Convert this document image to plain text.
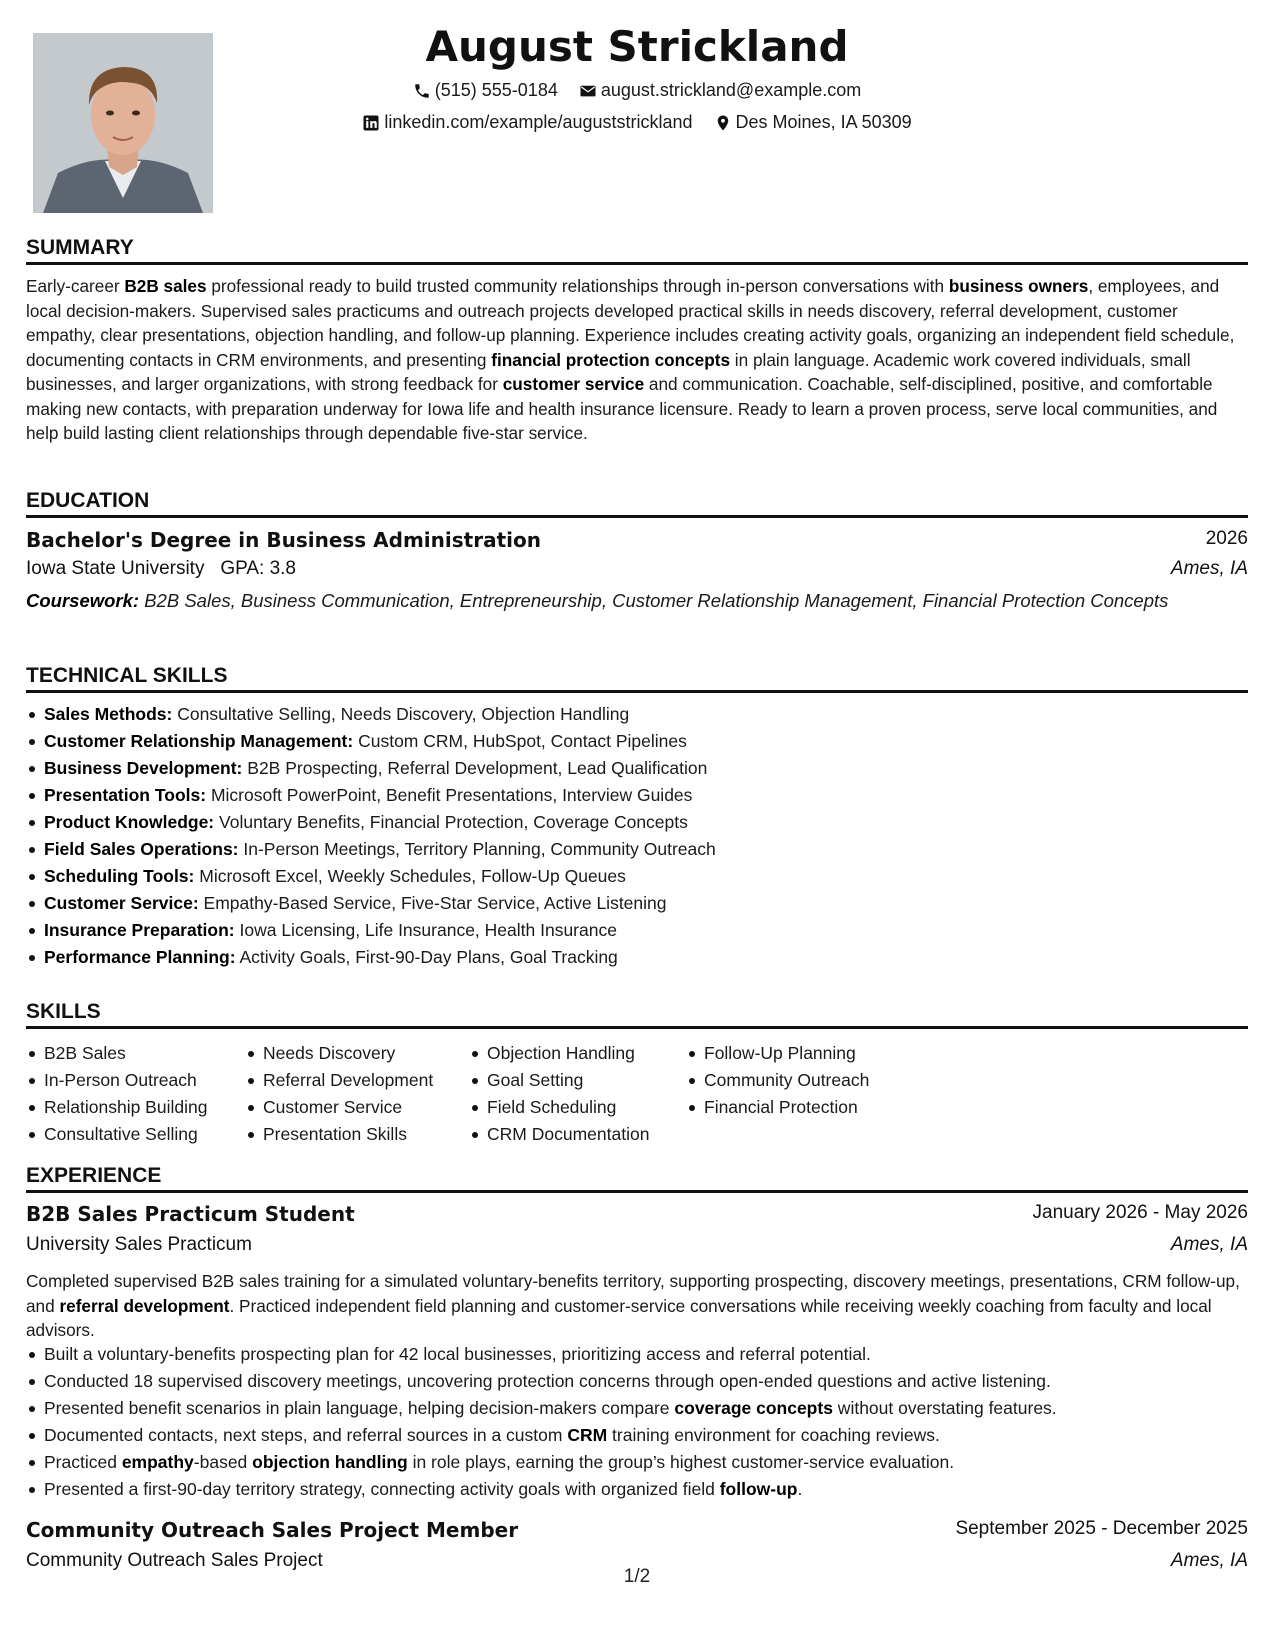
August Strickland
(515) 555-0184
august.strickland@example.com
linkedin.com/example/auguststrickland
Des Moines, IA 50309
SUMMARY
Early-career B2B sales professional ready to build trusted community relationships through in-person conversations with business owners, employees, and local decision-makers. Supervised sales practicums and outreach projects developed practical skills in needs discovery, referral development, customer empathy, clear presentations, objection handling, and follow-up planning. Experience includes creating activity goals, organizing an independent field schedule, documenting contacts in CRM environments, and presenting financial protection concepts in plain language. Academic work covered individuals, small businesses, and larger organizations, with strong feedback for customer service and communication. Coachable, self-disciplined, positive, and comfortable making new contacts, with preparation underway for Iowa life and health insurance licensure. Ready to learn a proven process, serve local communities, and help build lasting client relationships through dependable five-star service.
EDUCATION
Bachelor's Degree in Business Administration	2026
Iowa State University GPA: 3.8	Ames, IA
Coursework: B2B Sales, Business Communication, Entrepreneurship, Customer Relationship Management, Financial Protection Concepts
TECHNICAL SKILLS
Sales Methods: Consultative Selling, Needs Discovery, Objection Handling
Customer Relationship Management: Custom CRM, HubSpot, Contact Pipelines
Business Development: B2B Prospecting, Referral Development, Lead Qualification
Presentation Tools: Microsoft PowerPoint, Benefit Presentations, Interview Guides
Product Knowledge: Voluntary Benefits, Financial Protection, Coverage Concepts
Field Sales Operations: In-Person Meetings, Territory Planning, Community Outreach
Scheduling Tools: Microsoft Excel, Weekly Schedules, Follow-Up Queues
Customer Service: Empathy-Based Service, Five-Star Service, Active Listening
Insurance Preparation: Iowa Licensing, Life Insurance, Health Insurance
Performance Planning: Activity Goals, First-90-Day Plans, Goal Tracking
SKILLS
B2B Sales
In-Person Outreach
Relationship Building
Consultative Selling
Needs Discovery
Referral Development
Customer Service
Presentation Skills
Objection Handling
Goal Setting
Field Scheduling
CRM Documentation
Follow-Up Planning
Community Outreach
Financial Protection
EXPERIENCE
B2B Sales Practicum Student	January 2026 - May 2026
University Sales Practicum	Ames, IA
Completed supervised B2B sales training for a simulated voluntary-benefits territory, supporting prospecting, discovery meetings, presentations, CRM follow-up, and referral development. Practiced independent field planning and customer-service conversations while receiving weekly coaching from faculty and local advisors.
Built a voluntary-benefits prospecting plan for 42 local businesses, prioritizing access and referral potential.
Conducted 18 supervised discovery meetings, uncovering protection concerns through open-ended questions and active listening.
Presented benefit scenarios in plain language, helping decision-makers compare coverage concepts without overstating features.
Documented contacts, next steps, and referral sources in a custom CRM training environment for coaching reviews.
Practiced empathy-based objection handling in role plays, earning the group’s highest customer-service evaluation.
Presented a first-90-day territory strategy, connecting activity goals with organized field follow-up.
Community Outreach Sales Project Member	September 2025 - December 2025
Community Outreach Sales Project	Ames, IA
1/2
